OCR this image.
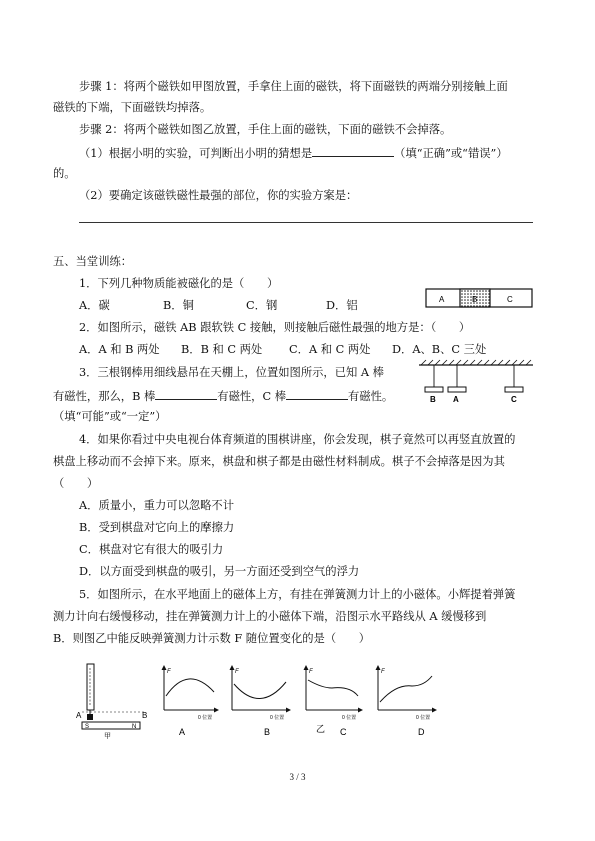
步骤 1：将两个磁铁如甲图放置，手拿住上面的磁铁，将下面磁铁的两端分别接触上面
磁铁的下端，下面磁铁均掉落。
步骤 2：将两个磁铁如图乙放置，手住上面的磁铁，下面的磁铁不会掉落。
（1）根据小明的实验，可判断出小明的猜想是	（填“正确”或“错误”）
的。
（2）要确定该磁铁磁性最强的部位，你的实验方案是：
五、当堂训练：
1．下列几种物质能被磁化的是（　　）
A．碳	B．铜	C．钢	D．铝	A	B	C
2．如图所示，磁铁 AB 跟软铁 C 接触，则接触后磁性最强的地方是：（　　）
A．A 和 B 两处 B．B 和 C 两处 C．A 和 C 两处 D．A、B、C 三处
3．三根钢棒用细线悬吊在天棚上，位置如图所示，已知 A 棒
有磁性，那么，B 棒	有磁性，C 棒	有磁性。
（填“可能”或“一定”）
B A	C
4．如果你看过中央电视台体育频道的围棋讲座，你会发现，棋子竟然可以再竖直放置的
棋盘上移动而不会掉下来。原来，棋盘和棋子都是由磁性材料制成。棋子不会掉落是因为其
（　　）
A．质量小，重力可以忽略不计
B．受到棋盘对它向上的摩擦力
C．棋盘对它有很大的吸引力
D．以方面受到棋盘的吸引，另一方面还受到空气的浮力
5．如图所示，在水平地面上的磁体上方，有挂在弹簧测力计上的小磁体。小辉提着弹簧
测力计向右缓慢移动，挂在弹簧测力计上的小磁体下端，沿图示水平路线从 A 缓慢移到
B．则图乙中能反映弹簧测力计示数 F 随位置变化的是（　　）
A	B
S	N
甲
F
0 位置
A
F
0 位置
B
F
0 位置
乙 C
F
0 位置
D
3 / 3
